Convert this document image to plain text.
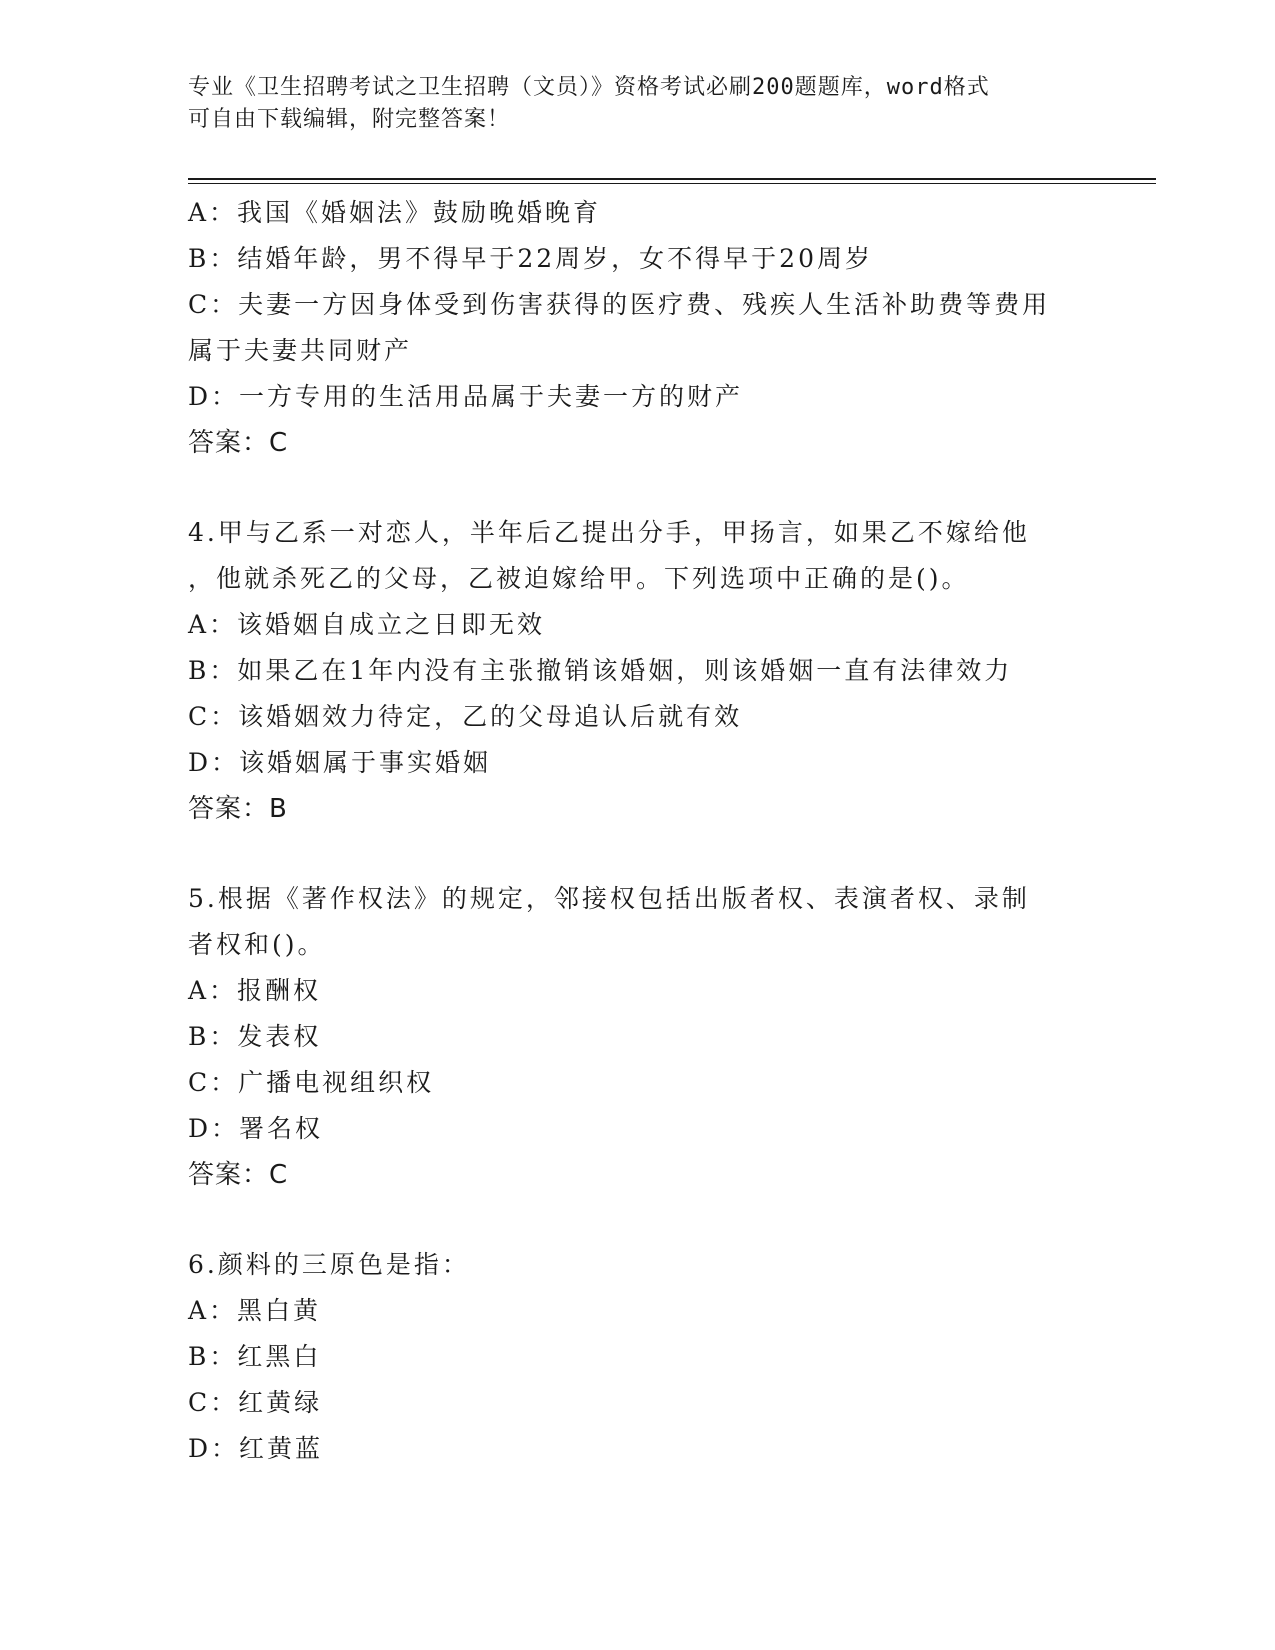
专业《卫生招聘考试之卫生招聘（文员）》资格考试必刷200题题库，word格式
可自由下载编辑，附完整答案！
A：我国《婚姻法》鼓励晚婚晚育
B：结婚年龄，男不得早于22周岁，女不得早于20周岁
C：夫妻一方因身体受到伤害获得的医疗费、残疾人生活补助费等费用
属于夫妻共同财产
D：一方专用的生活用品属于夫妻一方的财产
答案：C
4.甲与乙系一对恋人，半年后乙提出分手，甲扬言，如果乙不嫁给他
，他就杀死乙的父母，乙被迫嫁给甲。下列选项中正确的是()。
A：该婚姻自成立之日即无效
B：如果乙在1年内没有主张撤销该婚姻，则该婚姻一直有法律效力
C：该婚姻效力待定，乙的父母追认后就有效
D：该婚姻属于事实婚姻
答案：B
5.根据《著作权法》的规定，邻接权包括出版者权、表演者权、录制
者权和()。
A：报酬权
B：发表权
C：广播电视组织权
D：署名权
答案：C
6.颜料的三原色是指：
A：黑白黄
B：红黑白
C：红黄绿
D：红黄蓝
